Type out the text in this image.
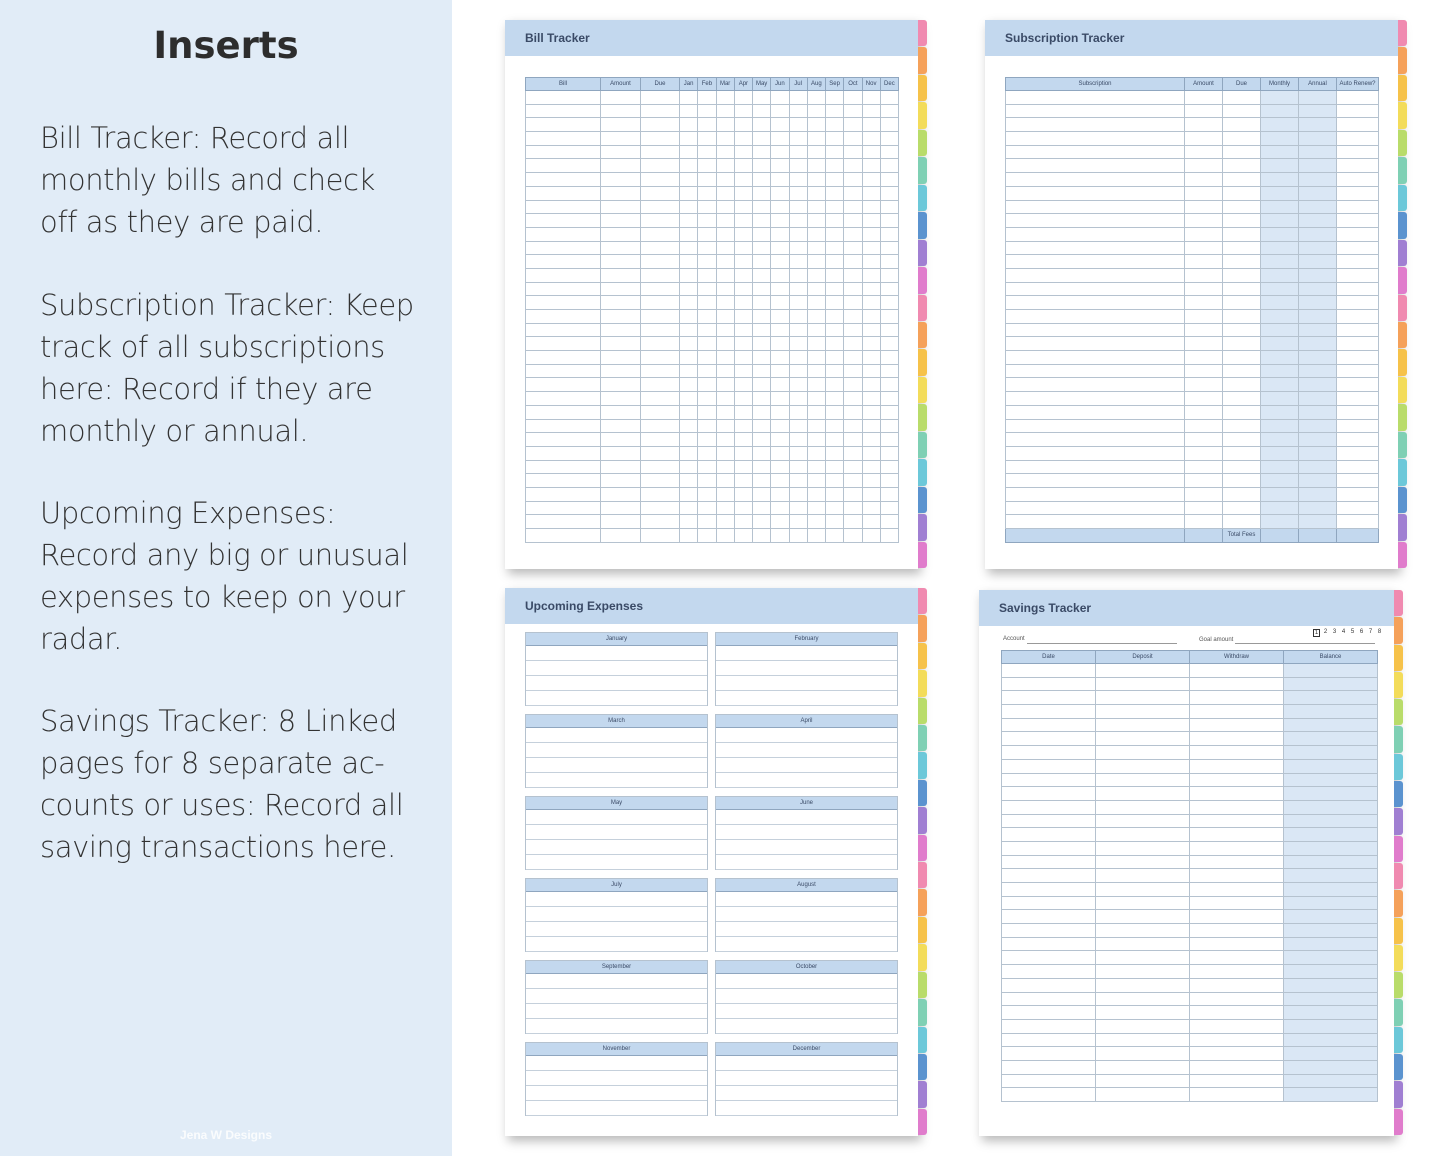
Inserts
Bill Tracker: Record all monthly bills and check off as they are paid.
Subscription Tracker: Keep track of all subscriptions here: Record if they are monthly or annual.
Upcoming Expenses: Record any big or unusual expenses to keep on your radar.
Savings Tracker: 8 Linked pages for 8 separate ac-counts or uses: Record all saving transactions here.
Jena W Designs
Bill Tracker
Bill	Amount	Due	Jan	Feb	Mar	Apr	May	Jun	Jul	Aug	Sep	Oct	Nov	Dec

Subscription Tracker
Subscription	Amount	Due	Monthly	Annual	Auto Renew?

		Total Fees			
Upcoming Expenses
January	February
March	April
May	June
July	August
September	October
November	December
Savings Tracker
Account	Goal amount
1 2 3 4 5 6 7 8
Date	Deposit	Withdraw	Balance
